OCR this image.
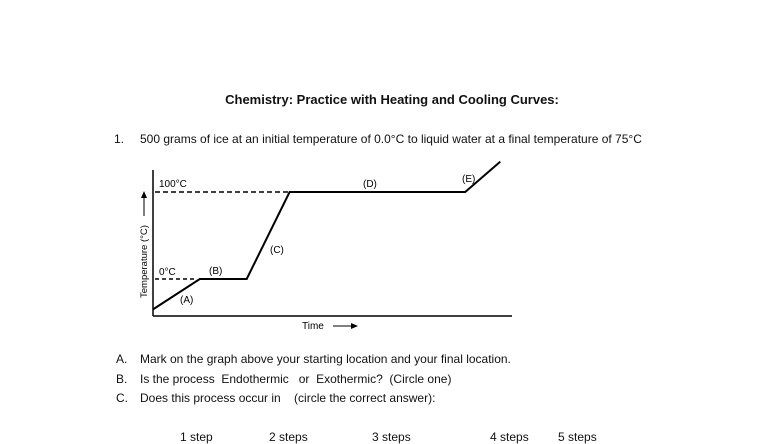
Chemistry: Practice with Heating and Cooling Curves:
1. 500 grams of ice at an initial temperature of 0.0°C to liquid water at a final temperature of 75°C
100°C
0°C
(A)
(B)
(C)
(D)	(E)
Time
Temperature (°C)
A. Mark on the graph above your starting location and your final location.
B. Is the process  Endothermic   or  Exothermic?  (Circle one)
C. Does this process occur in    (circle the correct answer):
1 step	2 steps	3 steps	4 steps 5 steps
